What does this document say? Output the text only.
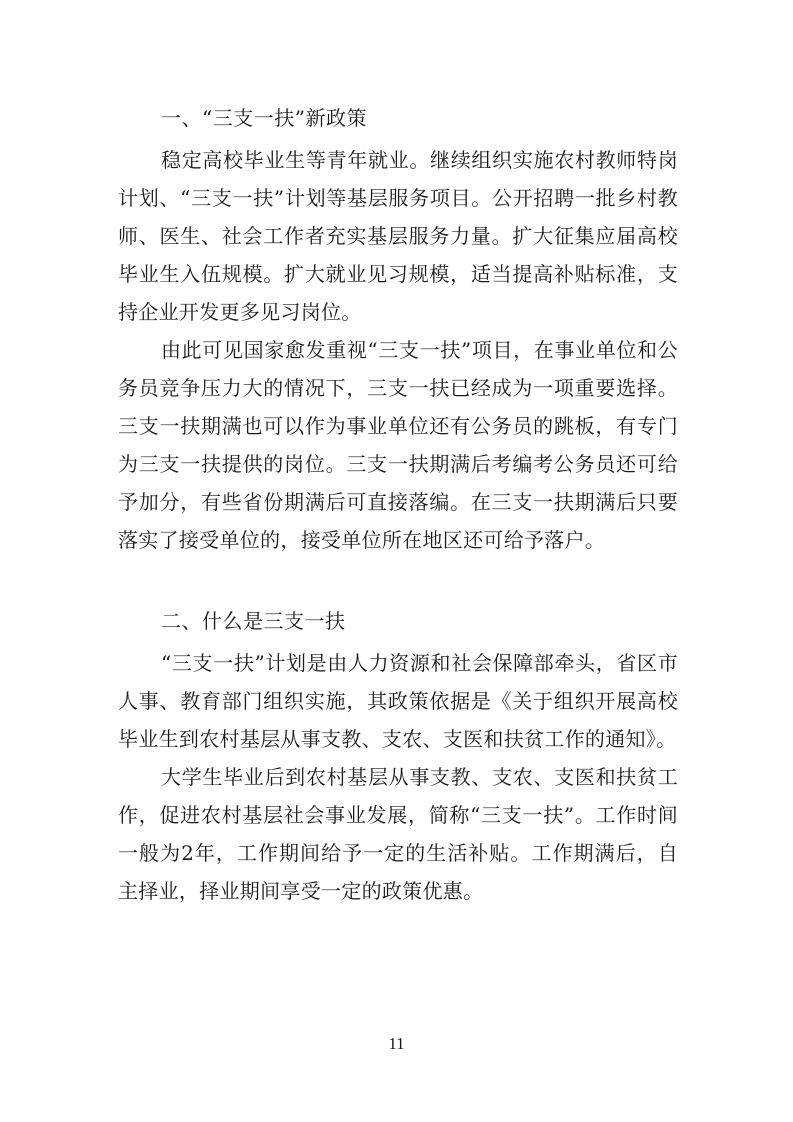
一、“三支一扶”新政策

稳定高校毕业生等青年就业。继续组织实施农村教师特岗计划、“三支一扶”计划等基层服务项目。公开招聘一批乡村教师、医生、社会工作者充实基层服务力量。扩大征集应届高校毕业生入伍规模。扩大就业见习规模，适当提高补贴标准，支持企业开发更多见习岗位。

由此可见国家愈发重视“三支一扶”项目，在事业单位和公务员竞争压力大的情况下，三支一扶已经成为一项重要选择。三支一扶期满也可以作为事业单位还有公务员的跳板，有专门为三支一扶提供的岗位。三支一扶期满后考编考公务员还可给予加分，有些省份期满后可直接落编。在三支一扶期满后只要落实了接受单位的，接受单位所在地区还可给予落户。

二、什么是三支一扶

“三支一扶”计划是由人力资源和社会保障部牵头，省区市人事、教育部门组织实施，其政策依据是《关于组织开展高校毕业生到农村基层从事支教、支农、支医和扶贫工作的通知》。

大学生毕业后到农村基层从事支教、支农、支医和扶贫工作，促进农村基层社会事业发展，简称“三支一扶”。工作时间一般为2年，工作期间给予一定的生活补贴。工作期满后，自主择业，择业期间享受一定的政策优惠。

11
